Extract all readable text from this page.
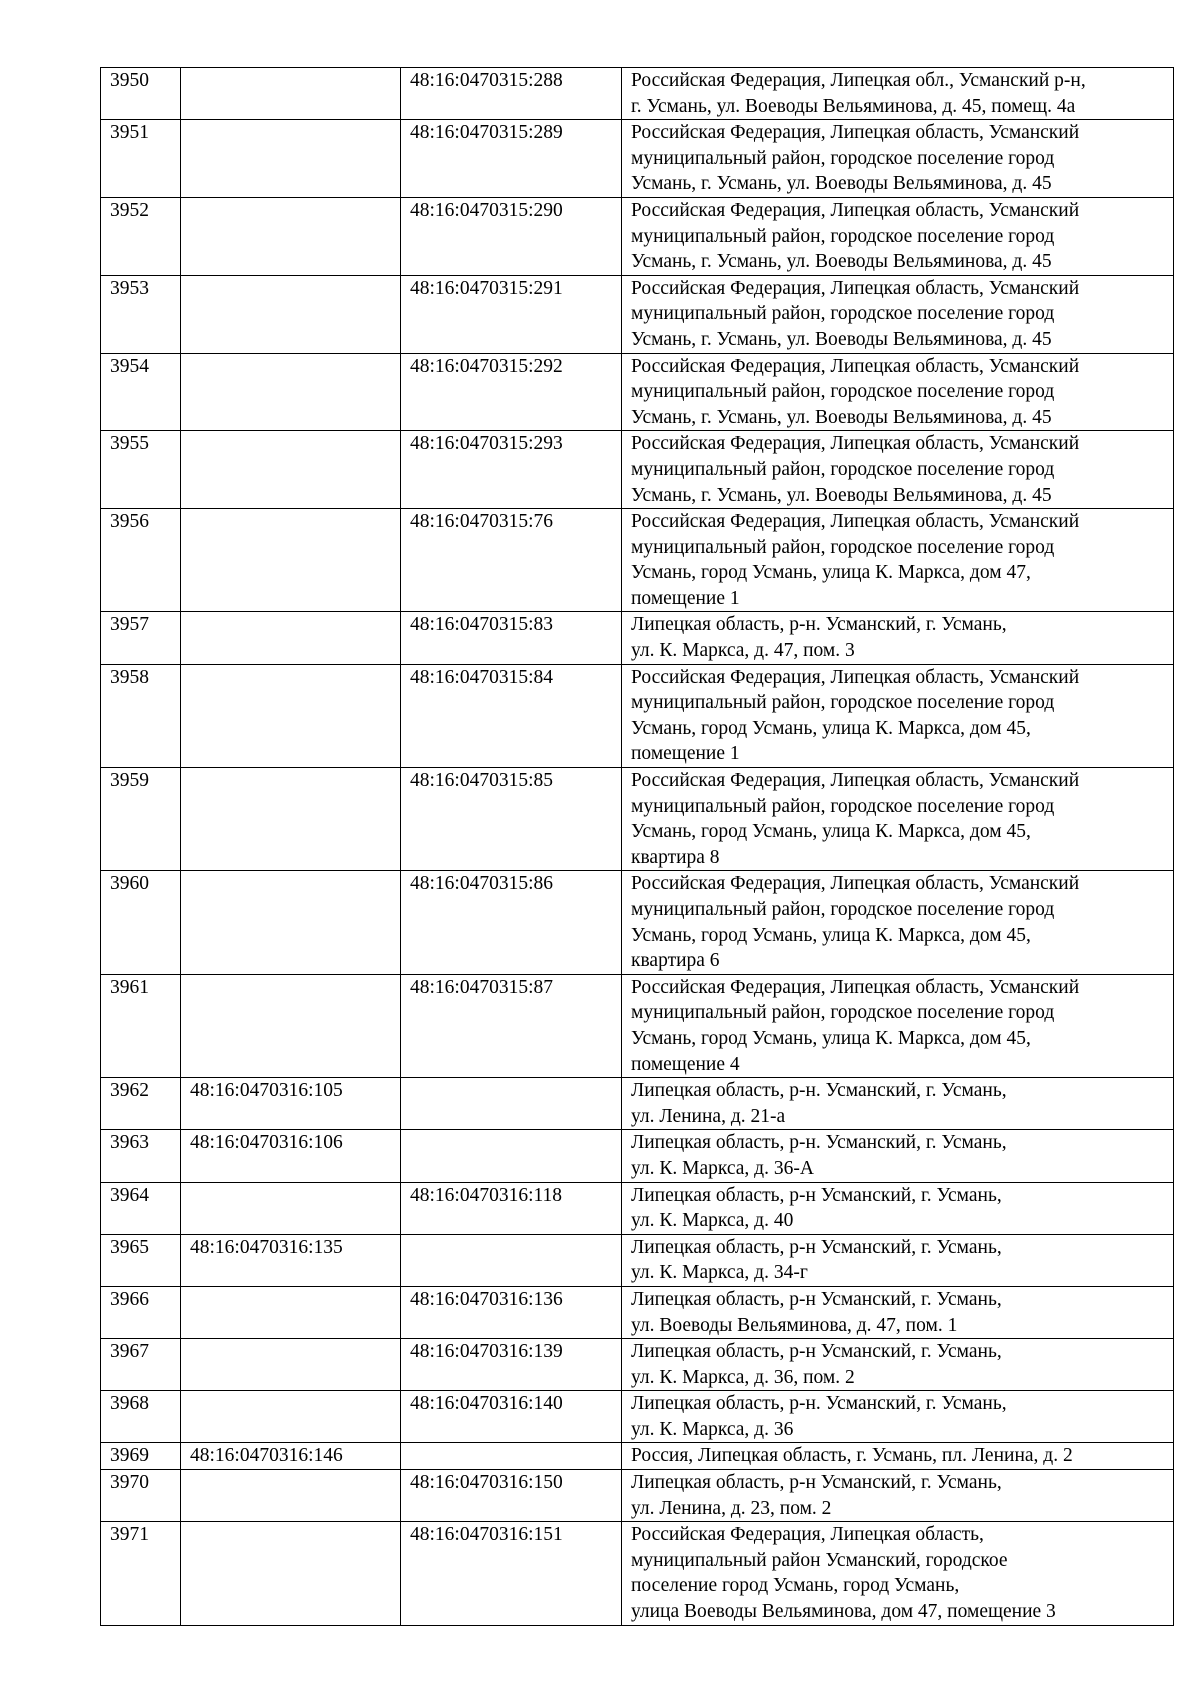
3950		48:16:0470315:288	Российская Федерация, Липецкая обл., Усманский р-н,
г. Усмань, ул. Воеводы Вельяминова, д. 45, помещ. 4а
3951		48:16:0470315:289	Российская Федерация, Липецкая область, Усманский
муниципальный район, городское поселение город
Усмань, г. Усмань, ул. Воеводы Вельяминова, д. 45
3952		48:16:0470315:290	Российская Федерация, Липецкая область, Усманский
муниципальный район, городское поселение город
Усмань, г. Усмань, ул. Воеводы Вельяминова, д. 45
3953		48:16:0470315:291	Российская Федерация, Липецкая область, Усманский
муниципальный район, городское поселение город
Усмань, г. Усмань, ул. Воеводы Вельяминова, д. 45
3954		48:16:0470315:292	Российская Федерация, Липецкая область, Усманский
муниципальный район, городское поселение город
Усмань, г. Усмань, ул. Воеводы Вельяминова, д. 45
3955		48:16:0470315:293	Российская Федерация, Липецкая область, Усманский
муниципальный район, городское поселение город
Усмань, г. Усмань, ул. Воеводы Вельяминова, д. 45
3956		48:16:0470315:76	Российская Федерация, Липецкая область, Усманский
муниципальный район, городское поселение город
Усмань, город Усмань, улица К. Маркса, дом 47,
помещение 1
3957		48:16:0470315:83	Липецкая область, р-н. Усманский, г. Усмань,
ул. К. Маркса, д. 47, пом. 3
3958		48:16:0470315:84	Российская Федерация, Липецкая область, Усманский
муниципальный район, городское поселение город
Усмань, город Усмань, улица К. Маркса, дом 45,
помещение 1
3959		48:16:0470315:85	Российская Федерация, Липецкая область, Усманский
муниципальный район, городское поселение город
Усмань, город Усмань, улица К. Маркса, дом 45,
квартира 8
3960		48:16:0470315:86	Российская Федерация, Липецкая область, Усманский
муниципальный район, городское поселение город
Усмань, город Усмань, улица К. Маркса, дом 45,
квартира 6
3961		48:16:0470315:87	Российская Федерация, Липецкая область, Усманский
муниципальный район, городское поселение город
Усмань, город Усмань, улица К. Маркса, дом 45,
помещение 4
3962	48:16:0470316:105		Липецкая область, р-н. Усманский, г. Усмань,
ул. Ленина, д. 21-а
3963	48:16:0470316:106		Липецкая область, р-н. Усманский, г. Усмань,
ул. К. Маркса, д. 36-А
3964		48:16:0470316:118	Липецкая область, р-н Усманский, г. Усмань,
ул. К. Маркса, д. 40
3965	48:16:0470316:135		Липецкая область, р-н Усманский, г. Усмань,
ул. К. Маркса, д. 34-г
3966		48:16:0470316:136	Липецкая область, р-н Усманский, г. Усмань,
ул. Воеводы Вельяминова, д. 47, пом. 1
3967		48:16:0470316:139	Липецкая область, р-н Усманский, г. Усмань,
ул. К. Маркса, д. 36, пом. 2
3968		48:16:0470316:140	Липецкая область, р-н. Усманский, г. Усмань,
ул. К. Маркса, д. 36
3969	48:16:0470316:146		Россия, Липецкая область, г. Усмань, пл. Ленина, д. 2
3970		48:16:0470316:150	Липецкая область, р-н Усманский, г. Усмань,
ул. Ленина, д. 23, пом. 2
3971		48:16:0470316:151	Российская Федерация, Липецкая область,
муниципальный район Усманский, городское
поселение город Усмань, город Усмань,
улица Воеводы Вельяминова, дом 47, помещение 3
